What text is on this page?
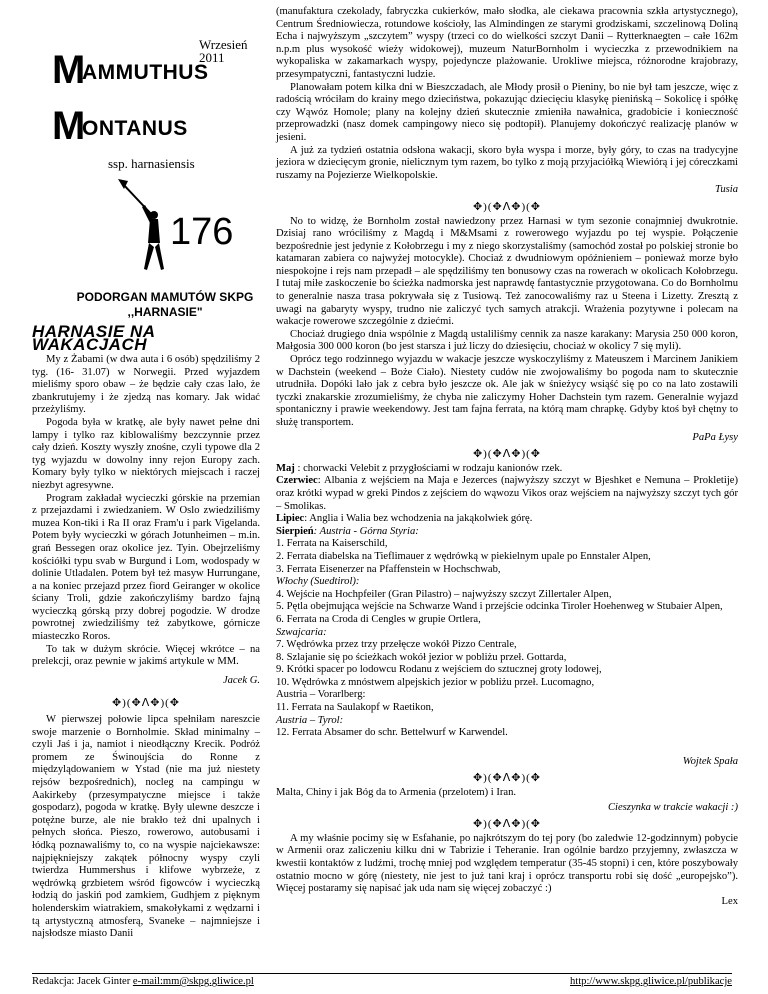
Wrzesień 2011
M
AMMUTHUS
M
ONTANUS
ssp. harnasiensis
176
PODORGAN MAMUTÓW SKPG
,,HARNASIE"
HARNASIE NA WAKACJACH

My z Żabami (w dwa auta i 6 osób) spędziliśmy 2 tyg. (16- 31.07) w Norwegii. Przed wyjazdem mieliśmy sporo obaw – że będzie cały czas lało, że zbankrutujemy i że zjedzą nas komary. Jak widać przeżyliśmy.

Pogoda była w kratkę, ale były nawet pełne dni lampy i tylko raz kiblowaliśmy bezczynnie przez cały dzień. Koszty wyszły znośne, czyli typowe dla 2 tyg wyjazdu w dowolny inny rejon Europy zach. Komary były tylko w niektórych miejscach i raczej niezbyt agresywne.

Program zakładał wycieczki górskie na przemian z przejazdami i zwiedzaniem. W Oslo zwiedziliśmy muzea Kon-tiki i Ra II oraz Fram'u i park Vigelanda. Potem były wycieczki w górach Jotunheimen – m.in. grań Bessegen oraz okolice jez. Tyin. Obejrzeliśmy kościółki typu svab w Burgund i Lom, wodospady w dolinie Utladalen. Potem był też masyw Hurrungane, a na koniec przejazd przez fiord Geiranger w okolice ściany Troli, gdzie zakończyliśmy bardzo fajną wycieczką górską przy dobrej pogodzie. W drodze powrotnej zwiedziliśmy też zabytkowe, górnicze miasteczko Roros.

To tak w dużym skrócie. Więcej wkrótce – na prelekcji, oraz pewnie w jakimś artykule w MM.

Jacek G.

✥)(✥ⴷ✥)(✥

W pierwszej połowie lipca spełniłam nareszcie swoje marzenie o Bornholmie. Skład minimalny – czyli Jaś i ja, namiot i nieodłączny Krecik. Podróż promem ze Świnoujścia do Ronne z międzylądowaniem w Ystad (nie ma już niestety rejsów bezpośrednich), nocleg na campingu w Aakirkeby (przesympatyczne miejsce i także gospodarz), pogoda w kratkę. Były ulewne deszcze i potężne burze, ale nie brakło też dni upalnych i pełnych słońca. Pieszo, rowerowo, autobusami i łódką poznawaliśmy to, co na wyspie najciekawsze: najpiękniejszy zakątek północny wyspy czyli twierdza Hummershus i klifowe wybrzeże, z wędrówką grzbietem wśród figowców i wycieczką łodzią do jaskiń pod zamkiem, Gudhjem z pięknym holenderskim wiatrakiem, smakołykami z wędzarni i tą artystyczną atmosferą, Svaneke – najmniejsze i najsłodsze miasto Danii

(manufaktura czekolady, fabryczka cukierków, mało słodka, ale ciekawa pracownia szkła artystycznego), Centrum Średniowiecza, rotundowe kościoły, las Almindingen ze starymi grodziskami, szczelinową Doliną Echa i najwyższym „szczytem” wyspy (trzeci co do wielkości szczyt Danii – Rytterknaegten – całe 162m n.p.m plus wysokość wieży widokowej), muzeum NaturBornholm i wycieczka z przewodnikiem na wykopaliska w zakamarkach wyspy, pojedyncze plażowanie. Urokliwe miejsca, różnorodne krajobrazy, przesympatyczni, fantastyczni ludzie.

Planowałam potem kilka dni w Bieszczadach, ale Młody prosił o Pieniny, bo nie był tam jeszcze, więc z radością wróciłam do krainy mego dzieciństwa, pokazując dziecięciu klasykę pienińską – Sokolicę i spółkę czy Wąwóz Homole; plany na kolejny dzień skutecznie zmieniła nawałnica, gradobicie i konieczność przeprowadzki (nasz domek campingowy nieco się podtopił). Planujemy dokończyć realizację planów w jesieni.

A już za tydzień ostatnia odsłona wakacji, skoro była wyspa i morze, były góry, to czas na tradycyjne jeziora w dziecięcym gronie, nielicznym tym razem, bo tylko z moją przyjaciółką Wiewiórą i jej córeczkami ruszamy na Pojezierze Wielkopolskie.

Tusia

✥)(✥ⴷ✥)(✥

No to widzę, że Bornholm został nawiedzony przez Harnasi w tym sezonie conajmniej dwukrotnie. Dzisiaj rano wróciliśmy z Magdą i M&Msami z rowerowego wyjazdu po tej wyspie. Połączenie bezpośrednie jest jedynie z Kołobrzegu i my z niego skorzystaliśmy (samochód został po polskiej stronie bo katamaran zabiera co najwyżej motocykle). Chociaż z dwudniowym opóźnieniem – ponieważ morze było niespokojne i rejs nam przepadł – ale spędziliśmy ten bonusowy czas na rowerach w okolicach Kołobrzegu. I tutaj miłe zaskoczenie bo ścieżka nadmorska jest naprawdę fantastycznie przygotowana. Co do Bornholmu to generalnie nasza trasa pokrywała się z Tusiową. Też zanocowaliśmy raz u Steena i Lizetty. Zresztą z uwagi na gabaryty wyspy, trudno nie zaliczyć tych samych atrakcji. Wrażenia pozytywne i polecam na wakacje rowerowe szczególnie z dziećmi.

Chociaż drugiego dnia wspólnie z Magdą ustaliliśmy cennik za nasze karakany: Marysia 250 000 koron, Małgosia 300 000 koron (bo jest starsza i już liczy do dziesięciu, chociaż w okolicy 7 się myli).

Oprócz tego rodzinnego wyjazdu w wakacje jeszcze wyskoczyliśmy z Mateuszem i Marcinem Janikiem w Dachstein (weekend – Boże Ciało). Niestety cudów nie zwojowaliśmy bo pogoda nam to skutecznie utrudniła. Dopóki lało jak z cebra było jeszcze ok. Ale jak w śnieżycy wsiąść się po co na lato zostawili tyczki znakarskie zrozumieliśmy, że chyba nie zaliczymy Hoher Dachstein tym razem. Generalnie wyjazd spontaniczny i prawie weekendowy. Jest tam fajna ferrata, na którą mam chrapkę. Gdyby ktoś był chętny to służę transportem.

PaPa Łysy

✥)(✥ⴷ✥)(✥

Maj : chorwacki Velebit z przygłościami w rodzaju kanionów rzek.

Czerwiec: Albania z wejściem na Maja e Jezerces (najwyższy szczyt w Bjeshket e Nemuna – Prokletije) oraz krótki wypad w greki Pindos z zejściem do wąwozu Vikos oraz wejściem na najwyższy szczyt tych gór – Smolikas.

Lipiec: Anglia i Walia bez wchodzenia na jakąkolwiek górę.

Sierpień: Austria - Górna Styria:

1. Ferrata na Kaiserschild,

2. Ferrata diabelska na Tieflimauer z wędrówką w piekielnym upale po Ennstaler Alpen,

3. Ferrata Eisenerzer na Pfaffenstein w Hochschwab,

Włochy (Suedtirol):

4. Wejście na Hochpfeiler (Gran Pilastro) – najwyższy szczyt Zillertaler Alpen,

5. Pętla obejmująca wejście na Schwarze Wand i przejście odcinka Tiroler Hoehenweg w Stubaier Alpen,

6. Ferrata na Croda di Cengles w grupie Ortlera,

Szwajcaria:

7. Wędrówka przez trzy przełęcze wokół Pizzo Centrale,

8. Szlajanie się po ścieżkach wokół jezior w pobliżu przeł. Gottarda,

9. Krótki spacer po lodowcu Rodanu z wejściem do sztucznej groty lodowej,

10. Wędrówka z mnóstwem alpejskich jezior w pobliżu przeł. Lucomagno,

Austria – Vorarlberg:

11. Ferrata na Saulakopf w Raetikon,

Austria – Tyrol:

12. Ferrata Absamer do schr. Bettelwurf w Karwendel.

Wojtek Spała

✥)(✥ⴷ✥)(✥

Malta, Chiny i jak Bóg da to Armenia (przelotem) i Iran.

Cieszynka w trakcie wakacji :)

✥)(✥ⴷ✥)(✥

A my właśnie pocimy się w Esfahanie, po najkrótszym do tej pory (bo zaledwie 12-godzinnym) pobycie w Armenii oraz zaliczeniu kilku dni w Tabrizie i Teheranie. Iran ogólnie bardzo przyjemny, zwłaszcza w kwestii kontaktów z ludźmi, trochę mniej pod względem temperatur (35-45 stopni) i cen, które poszybowały ostatnio mocno w górę (niestety, nie jest to już tani kraj i oprócz transportu robi się dość „europejsko”). Więcej postaramy się napisać jak uda nam się więcej zobaczyć :)

Lex

Redakcja: Jacek Ginter e-mail:mm@skpg.gliwice.pl	http://www.skpg.gliwice.pl/publikacje
